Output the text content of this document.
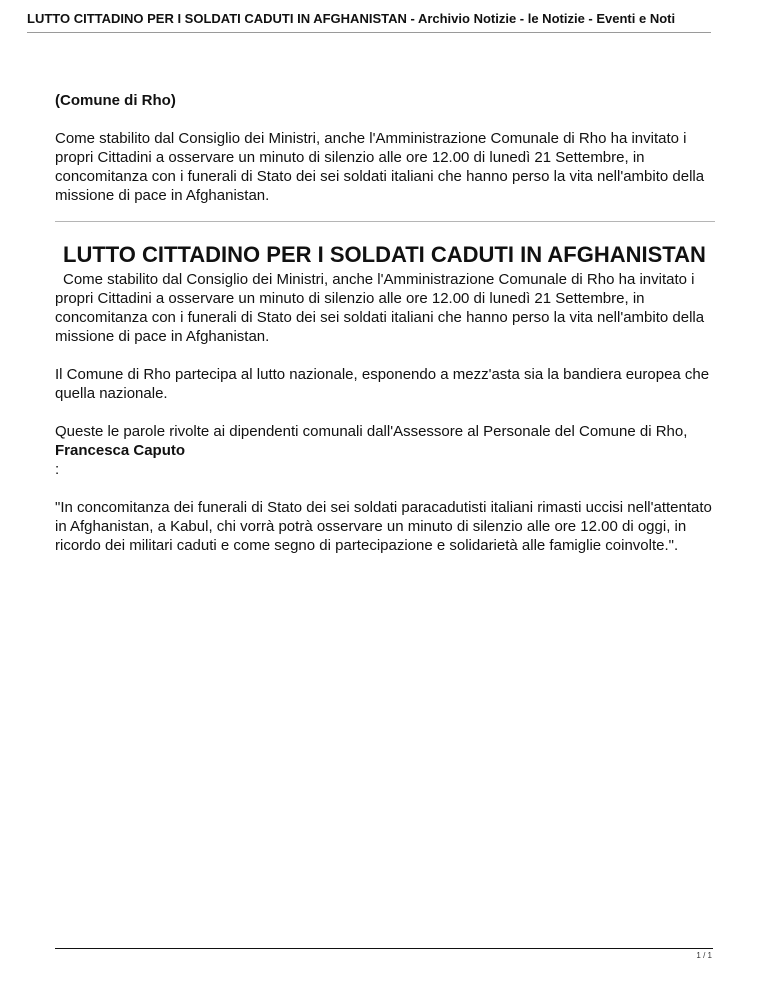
LUTTO CITTADINO PER I SOLDATI CADUTI IN AFGHANISTAN - Archivio Notizie - le Notizie - Eventi e Noti

(Comune di Rho)

Come stabilito dal Consiglio dei Ministri, anche l'Amministrazione Comunale di Rho ha invitato i propri Cittadini a osservare un minuto di silenzio alle ore 12.00 di lunedì 21 Settembre, in concomitanza con i funerali di Stato dei sei soldati italiani che hanno perso la vita nell'ambito della missione di pace in Afghanistan.

LUTTO CITTADINO PER I SOLDATI CADUTI IN AFGHANISTAN

Come stabilito dal Consiglio dei Ministri, anche l'Amministrazione Comunale di Rho ha invitato i propri Cittadini a osservare un minuto di silenzio alle ore 12.00 di lunedì 21 Settembre, in concomitanza con i funerali di Stato dei sei soldati italiani che hanno perso la vita nell'ambito della missione di pace in Afghanistan.

Il Comune di Rho partecipa al lutto nazionale, esponendo a mezz'asta sia la bandiera europea che quella nazionale.

Queste le parole rivolte ai dipendenti comunali dall'Assessore al Personale del Comune di Rho,
Francesca Caputo
:

"In concomitanza dei funerali di Stato dei sei soldati paracadutisti italiani rimasti uccisi nell'attentato in Afghanistan, a Kabul, chi vorrà potrà osservare un minuto di silenzio alle ore 12.00 di oggi, in ricordo dei militari caduti e come segno di partecipazione e solidarietà alle famiglie coinvolte.".

1 / 1
